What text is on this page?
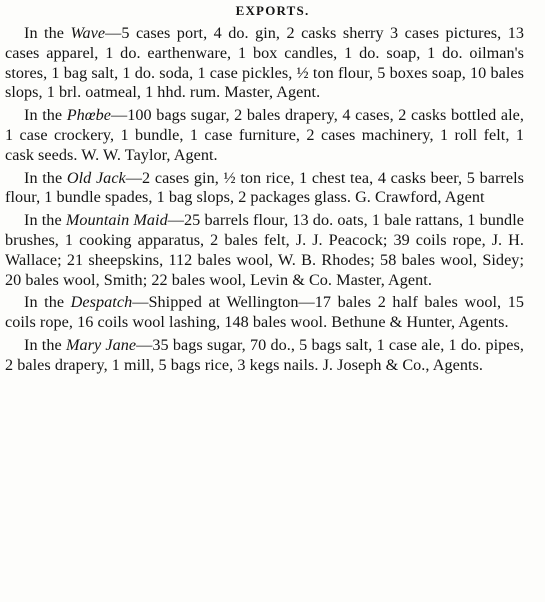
EXPORTS.

In the Wave—5 cases port, 4 do. gin, 2 casks sherry 3 cases pictures, 13 cases apparel, 1 do. earthenware, 1 box candles, 1 do. soap, 1 do. oilman's stores, 1 bag salt, 1 do. soda, 1 case pickles, ½ ton flour, 5 boxes soap, 10 bales slops, 1 brl. oatmeal, 1 hhd. rum. Master, Agent.

In the Phœbe—100 bags sugar, 2 bales drapery, 4 cases, 2 casks bottled ale, 1 case crockery, 1 bundle, 1 case furniture, 2 cases machinery, 1 roll felt, 1 cask seeds. W. W. Taylor, Agent.

In the Old Jack—2 cases gin, ½ ton rice, 1 chest tea, 4 casks beer, 5 barrels flour, 1 bundle spades, 1 bag slops, 2 packages glass. G. Crawford, Agent

In the Mountain Maid—25 barrels flour, 13 do. oats, 1 bale rattans, 1 bundle brushes, 1 cooking apparatus, 2 bales felt, J. J. Peacock; 39 coils rope, J. H. Wallace; 21 sheepskins, 112 bales wool, W. B. Rhodes; 58 bales wool, Sidey; 20 bales wool, Smith; 22 bales wool, Levin & Co. Master, Agent.

In the Despatch—Shipped at Wellington—17 bales 2 half bales wool, 15 coils rope, 16 coils wool lashing, 148 bales wool. Bethune & Hunter, Agents.

In the Mary Jane—35 bags sugar, 70 do., 5 bags salt, 1 case ale, 1 do. pipes, 2 bales drapery, 1 mill, 5 bags rice, 3 kegs nails. J. Joseph & Co., Agents.
